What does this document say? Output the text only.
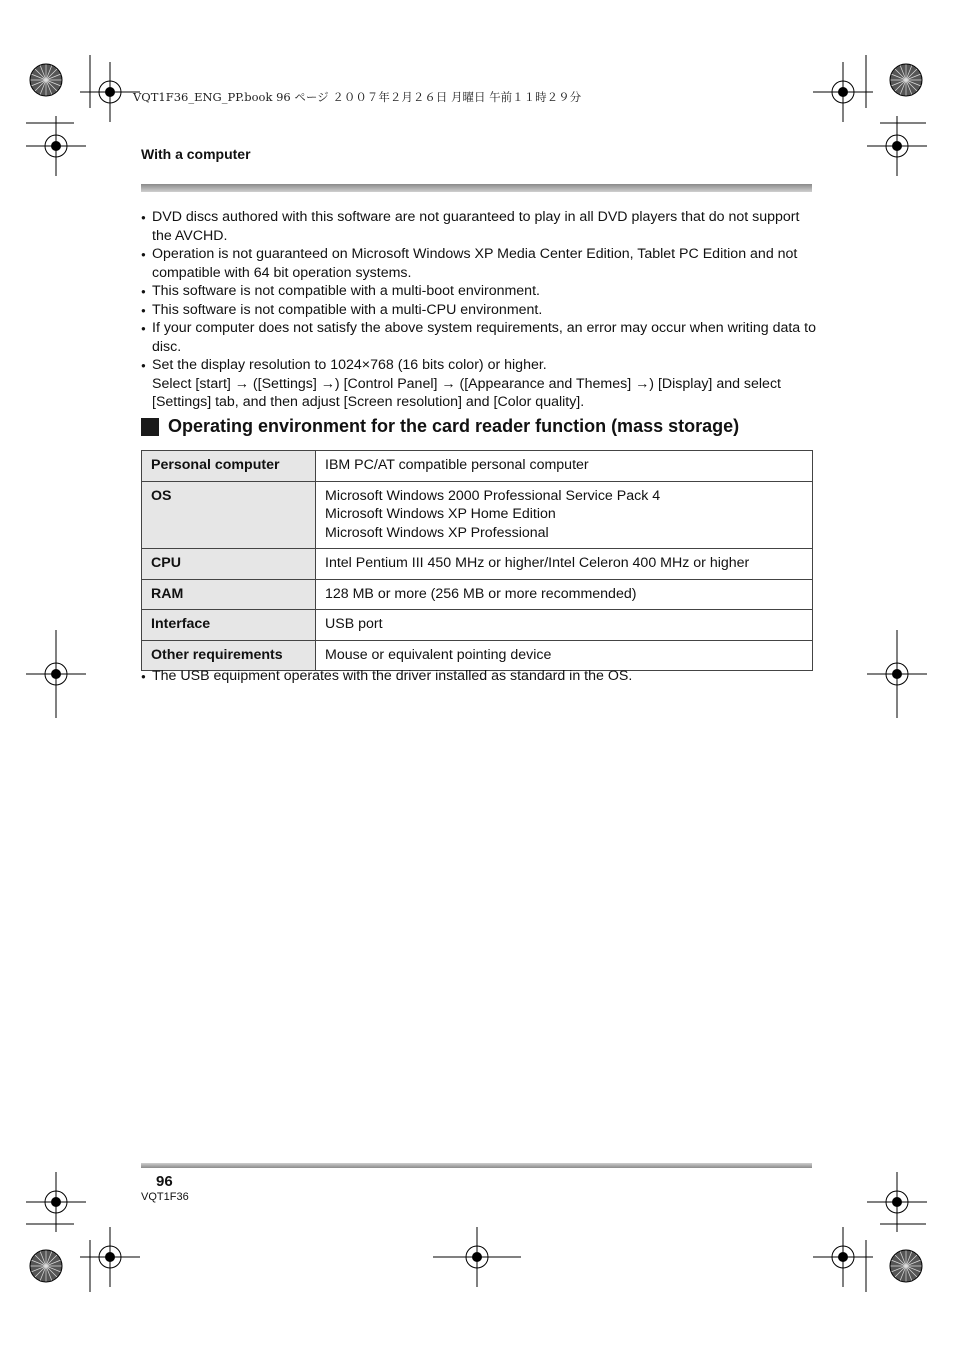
VQT1F36_ENG_PP.book 96 ページ ２００７年２月２６日 月曜日 午前１１時２９分
With a computer
● DVD discs authored with this software are not guaranteed to play in all DVD players that do not support the AVCHD.
● Operation is not guaranteed on Microsoft Windows XP Media Center Edition, Tablet PC Edition and not compatible with 64 bit operation systems.
● This software is not compatible with a multi-boot environment.
● This software is not compatible with a multi-CPU environment.
● If your computer does not satisfy the above system requirements, an error may occur when writing data to disc.
● Set the display resolution to 1024×768 (16 bits color) or higher.
Select [start] → ([Settings] →) [Control Panel] → ([Appearance and Themes] →) [Display] and select [Settings] tab, and then adjust [Screen resolution] and [Color quality].
Operating environment for the card reader function (mass storage)
Personal computer	IBM PC/AT compatible personal computer
OS	Microsoft Windows 2000 Professional Service Pack 4
Microsoft Windows XP Home Edition
Microsoft Windows XP Professional

CPU	Intel Pentium III 450 MHz or higher/Intel Celeron 400 MHz or higher
RAM	128 MB or more (256 MB or more recommended)
Interface	USB port
Other requirements	Mouse or equivalent pointing device
● The USB equipment operates with the driver installed as standard in the OS.
96
VQT1F36
